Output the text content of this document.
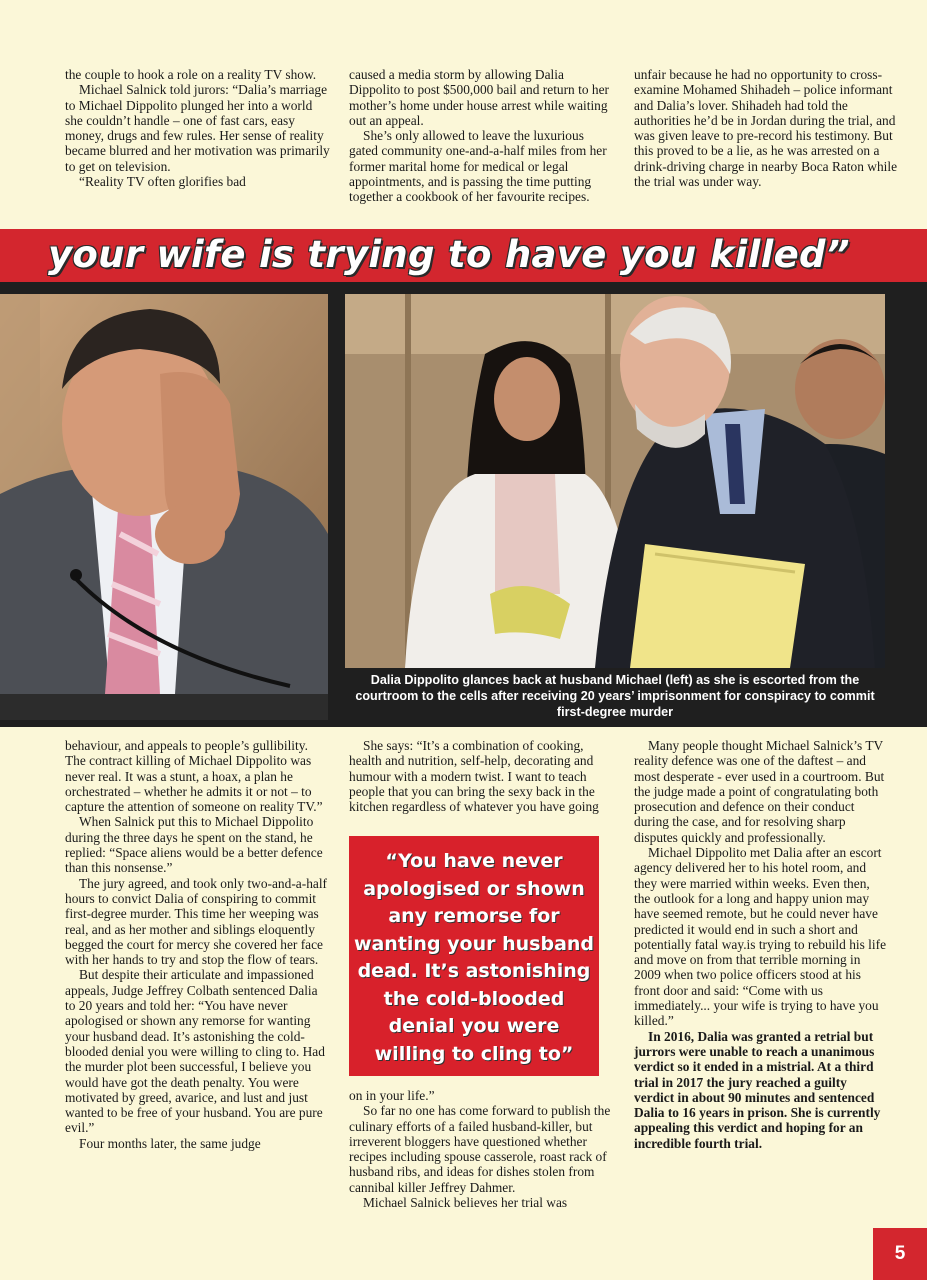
the couple to hook a role on a reality TV show.

Michael Salnick told jurors: “Dalia’s marriage to Michael Dippolito plunged her into a world she couldn’t handle – one of fast cars, easy money, drugs and few rules. Her sense of reality became blurred and her motivation was primarily to get on television.

“Reality TV often glorifies bad

caused a media storm by allowing Dalia Dippolito to post $500,000 bail and return to her mother’s home under house arrest while waiting out an appeal.

She’s only allowed to leave the luxurious gated community one-and-a-half miles from her former marital home for medical or legal appointments, and is passing the time putting together a cookbook of her favourite recipes.

unfair because he had no opportunity to cross-examine Mohamed Shihadeh – police informant and Dalia’s lover. Shihadeh had told the authorities he’d be in Jordan during the trial, and was given leave to pre-record his testimony. But this proved to be a lie, as he was arrested on a drink-driving charge in nearby Boca Raton while the trial was under way.

your wife is trying to have you killed”
Dalia Dippolito glances back at husband Michael (left) as she is escorted from the courtroom to the cells after receiving 20 years’ imprisonment for conspiracy to commit first-degree murder

behaviour, and appeals to people’s gullibility. The contract killing of Michael Dippolito was never real. It was a stunt, a hoax, a plan he orchestrated – whether he admits it or not – to capture the attention of someone on reality TV.”

When Salnick put this to Michael Dippolito during the three days he spent on the stand, he replied: “Space aliens would be a better defence than this nonsense.”

The jury agreed, and took only two-and-a-half hours to convict Dalia of conspiring to commit first-degree murder. This time her weeping was real, and as her mother and siblings eloquently begged the court for mercy she covered her face with her hands to try and stop the flow of tears.

But despite their articulate and impassioned appeals, Judge Jeffrey Colbath sentenced Dalia to 20 years and told her: “You have never apologised or shown any remorse for wanting your husband dead. It’s astonishing the cold-blooded denial you were willing to cling to. Had the murder plot been successful, I believe you would have got the death penalty. You were motivated by greed, avarice, and lust and just wanted to be free of your husband. You are pure evil.”

Four months later, the same judge

She says: “It’s a combination of cooking, health and nutrition, self-help, decorating and humour with a modern twist. I want to teach people that you can bring the sexy back in the kitchen regardless of whatever you have going

“You have never apologised or shown any remorse for wanting your husband dead. It’s astonishing the cold-blooded denial you were willing to cling to”

on in your life.”

So far no one has come forward to publish the culinary efforts of a failed husband-killer, but irreverent bloggers have questioned whether recipes including spouse casserole, roast rack of husband ribs, and ideas for dishes stolen from cannibal killer Jeffrey Dahmer.

Michael Salnick believes her trial was

Many people thought Michael Salnick’s TV reality defence was one of the daftest – and most desperate - ever used in a courtroom. But the judge made a point of congratulating both prosecution and defence on their conduct during the case, and for resolving sharp disputes quickly and professionally.

Michael Dippolito met Dalia after an escort agency delivered her to his hotel room, and they were married within weeks. Even then, the outlook for a long and happy union may have seemed remote, but he could never have predicted it would end in such a short and potentially fatal way.is trying to rebuild his life and move on from that terrible morning in 2009 when two police officers stood at his front door and said: “Come with us immediately... your wife is trying to have you killed.”

In 2016, Dalia was granted a retrial but jurrors were unable to reach a unanimous verdict so it ended in a mistrial. At a third trial in 2017 the jury reached a guilty verdict in about 90 minutes and sentenced Dalia to 16 years in prison. She is currently appealing this verdict and hoping for an incredible fourth trial.

5
